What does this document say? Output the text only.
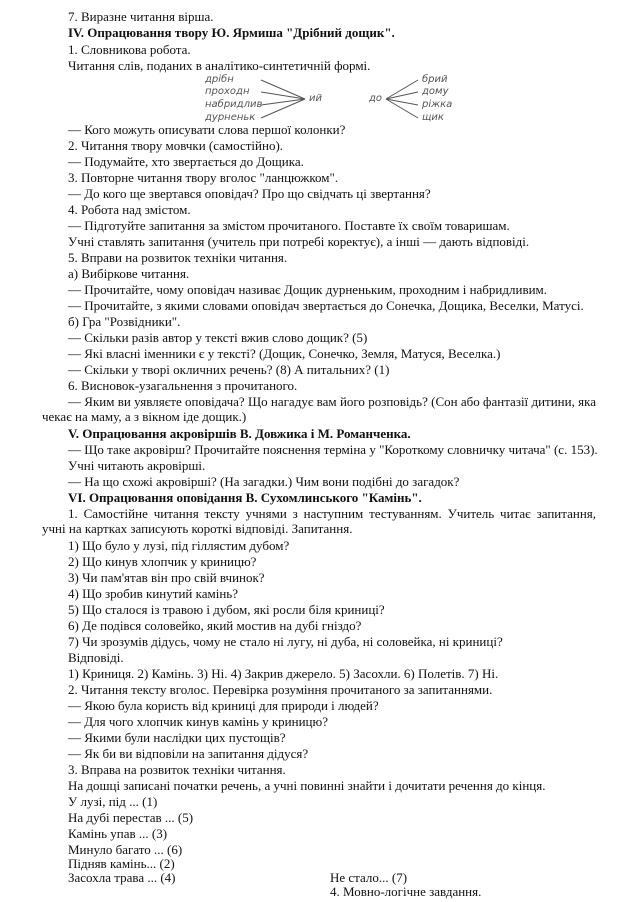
7. Виразне читання вірша.
IV. Опрацювання твору Ю. Ярмиша "Дрібний дощик".
1. Словникова робота.
Читання слів, поданих в аналітико-синтетичній формі.
дрібн
проходн
набридлив
дурненьк
ий	до
брий
дому
ріжка
щик
— Кого можуть описувати слова першої колонки?
2. Читання твору мовчки (самостійно).
— Подумайте, хто звертається до Дощика.
3. Повторне читання твору вголос "ланцюжком".
— До кого ще звертався оповідач? Про що свідчать ці звертання?
4. Робота над змістом.
— Підготуйте запитання за змістом прочитаного. Поставте їх своїм товаришам.
Учні ставлять запитання (учитель при потребі коректує), а інші — дають відповіді.
5. Вправи на розвиток техніки читання.
а) Вибіркове читання.
— Прочитайте, чому оповідач називає Дощик дурненьким, проходним і набридливим.
— Прочитайте, з якими словами оповідач звертається до Сонечка, Дощика, Веселки, Матусі.
б) Гра "Розвідники".
— Скільки разів автор у тексті вжив слово дощик? (5)
— Які власні іменники є у тексті? (Дощик, Сонечко, Земля, Матуся, Веселка.)
— Скільки у творі окличних речень? (8) А питальних? (1)
6. Висновок-узагальнення з прочитаного.
— Яким ви уявляєте оповідача? Що нагадує вам його розповідь? (Сон або фантазії дитини, яка чекає на маму, а з вікном іде дощик.)
V. Опрацювання акровіршів В. Довжика і М. Романченка.
— Що таке акровірш? Прочитайте пояснення терміна у "Короткому словничку читача" (с. 153).
Учні читають акровірші.
— На що схожі акровірші? (На загадки.) Чим вони подібні до загадок?
VI. Опрацювання оповідання В. Сухомлинського "Камінь".
1. Самостійне читання тексту учнями з наступним тестуванням. Учитель читає запитання, учні на картках записують короткі відповіді. Запитання.
1) Що було у лузі, під гіллястим дубом?
2) Що кинув хлопчик у криницю?
3) Чи пам'ятав він про свій вчинок?
4) Що зробив кинутий камінь?
5) Що сталося із травою і дубом, які росли біля криниці?
6) Де подівся соловейко, який мостив на дубі гніздо?
7) Чи зрозумів дідусь, чому не стало ні лугу, ні дуба, ні соловейка, ні криниці?
Відповіді.
1) Криниця. 2) Камінь. 3) Ні. 4) Закрив джерело. 5) Засохли. 6) Полетів. 7) Ні.
2. Читання тексту вголос. Перевірка розуміння прочитаного за запитаннями.
— Якою була користь від криниці для природи і людей?
— Для чого хлопчик кинув камінь у криницю?
— Якими були наслідки цих пустощів?
— Як би ви відповіли на запитання дідуся?
3. Вправа на розвиток техніки читання.
На дошці записані початки речень, а учні повинні знайти і дочитати речення до кінця.
У лузі, під ... (1)
На дубі перестав ... (5)
Камінь упав ... (3)
Минуло багато ... (6)
Підняв камінь... (2)
Засохла трава ... (4)	Не стало... (7)
4. Мовно-логічне завдання.
